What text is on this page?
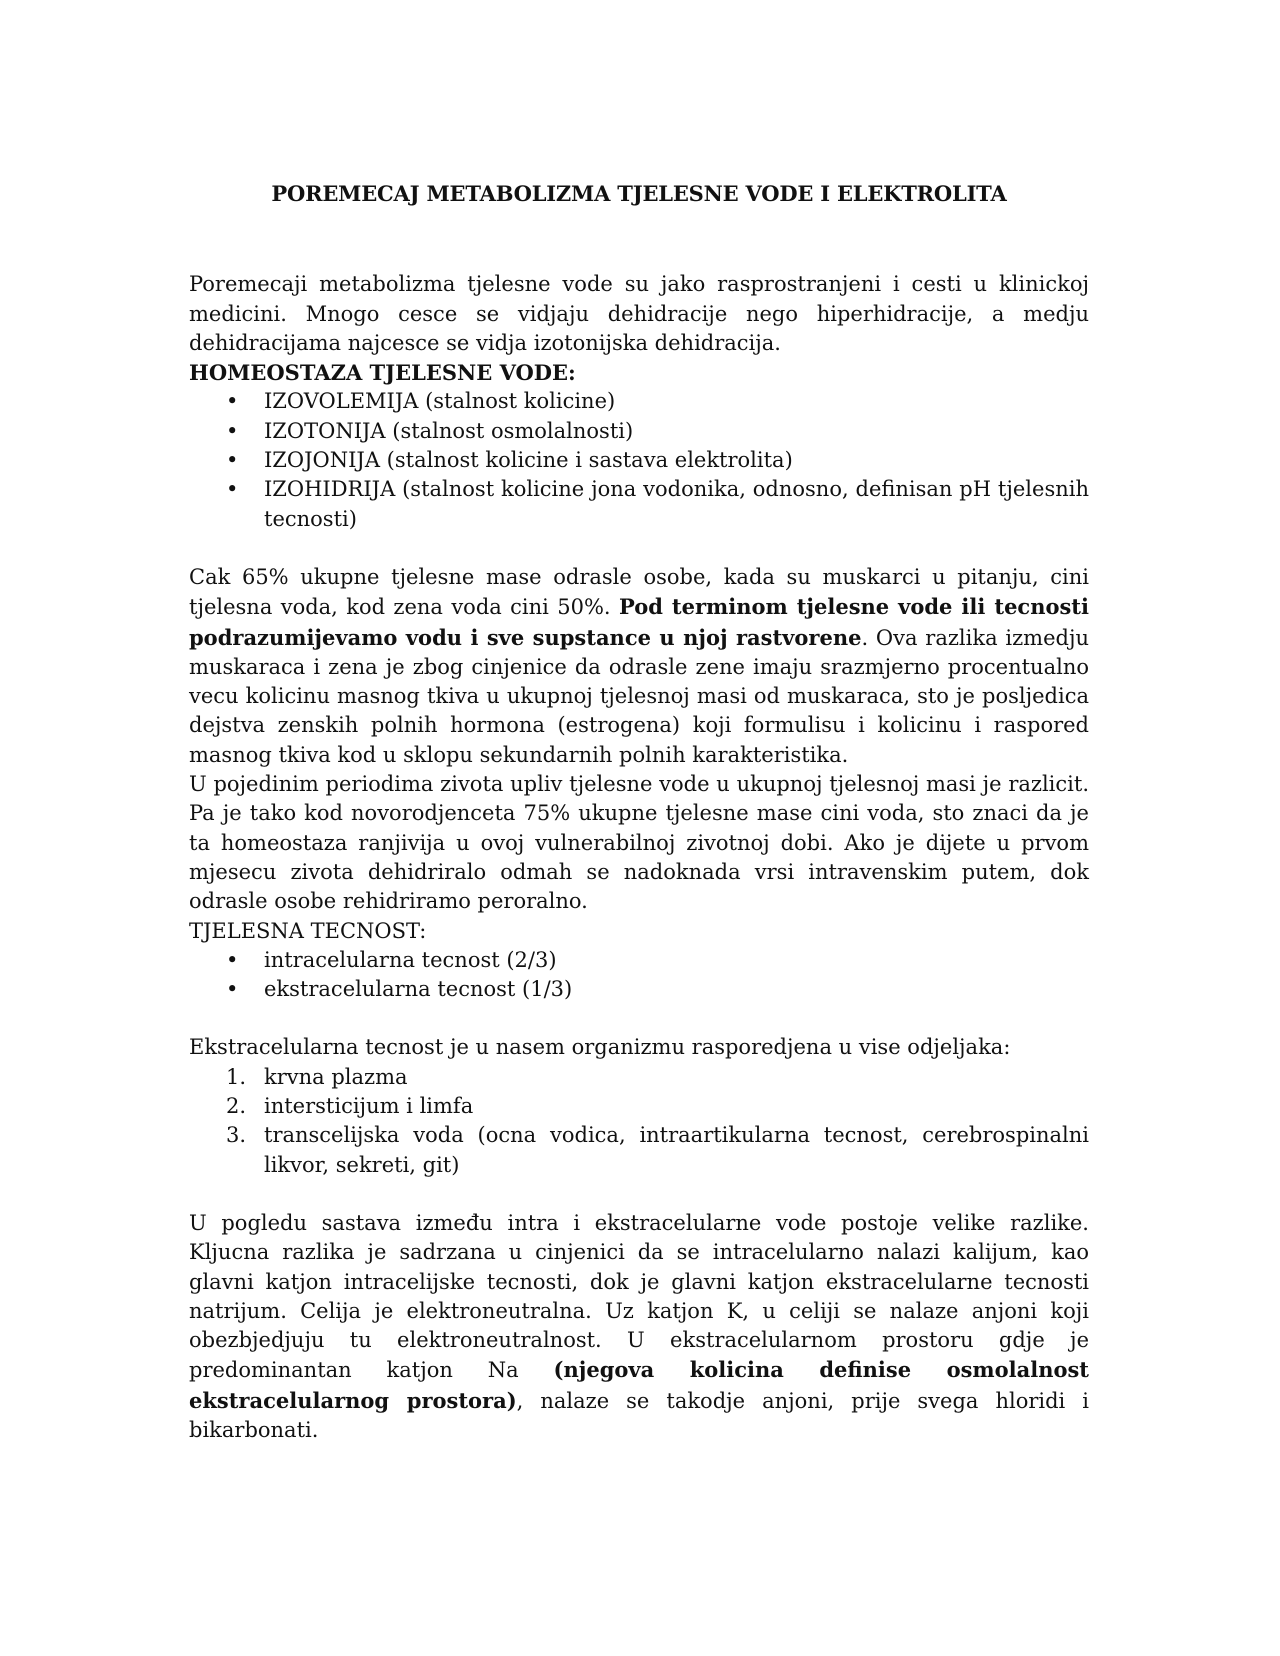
POREMECAJ METABOLIZMA TJELESNE VODE I ELEKTROLITA

Poremecaji metabolizma tjelesne vode su jako rasprostranjeni i cesti u klinickoj medicini. Mnogo cesce se vidjaju dehidracije nego hiperhidracije, a medju dehidracijama najcesce se vidja izotonijska dehidracija.

HOMEOSTAZA TJELESNE VODE:

• IZOVOLEMIJA (stalnost kolicine)
• IZOTONIJA (stalnost osmolalnosti)
• IZOJONIJA (stalnost kolicine i sastava elektrolita)
• IZOHIDRIJA (stalnost kolicine jona vodonika, odnosno, definisan pH tjelesnih tecnosti)

Cak 65% ukupne tjelesne mase odrasle osobe, kada su muskarci u pitanju, cini tjelesna voda, kod zena voda cini 50%. Pod terminom tjelesne vode ili tecnosti podrazumijevamo vodu i sve supstance u njoj rastvorene. Ova razlika izmedju muskaraca i zena je zbog cinjenice da odrasle zene imaju srazmjerno procentualno vecu kolicinu masnog tkiva u ukupnoj tjelesnoj masi od muskaraca, sto je posljedica dejstva zenskih polnih hormona (estrogena) koji formulisu i kolicinu i raspored masnog tkiva kod u sklopu sekundarnih polnih karakteristika.

U pojedinim periodima zivota upliv tjelesne vode u ukupnoj tjelesnoj masi je razlicit. Pa je tako kod novorodjenceta 75% ukupne tjelesne mase cini voda, sto znaci da je ta homeostaza ranjivija u ovoj vulnerabilnoj zivotnoj dobi. Ako je dijete u prvom mjesecu zivota dehidriralo odmah se nadoknada vrsi intravenskim putem, dok odrasle osobe rehidriramo peroralno.

TJELESNA TECNOST:

• intracelularna tecnost (2/3)
• ekstracelularna tecnost (1/3)

Ekstracelularna tecnost je u nasem organizmu rasporedjena u vise odjeljaka:

1. krvna plazma
2. intersticijum i limfa
3. transcelijska voda (ocna vodica, intraartikularna tecnost, cerebrospinalni likvor, sekreti, git)

U pogledu sastava između intra i ekstracelularne vode postoje velike razlike. Kljucna razlika je sadrzana u cinjenici da se intracelularno nalazi kalijum, kao glavni katjon intracelijske tecnosti, dok je glavni katjon ekstracelularne tecnosti natrijum. Celija je elektroneutralna. Uz katjon K, u celiji se nalaze anjoni koji obezbjedjuju tu elektroneutralnost. U ekstracelularnom prostoru gdje je predominantan katjon Na (njegova kolicina definise osmolalnost ekstracelularnog prostora), nalaze se takodje anjoni, prije svega hloridi i bikarbonati.
